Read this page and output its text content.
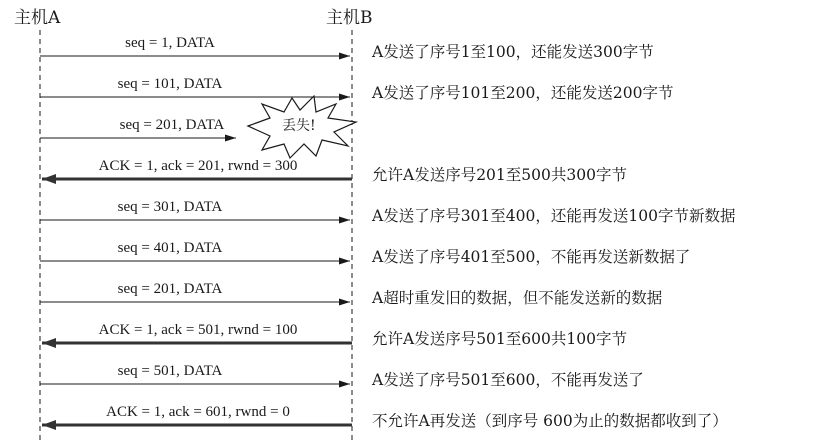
主机A	主机B
丢失!
seq = 1, DATA
seq = 101, DATA
seq = 201, DATA
ACK = 1, ack = 201, rwnd = 300
seq = 301, DATA
seq = 401, DATA
seq = 201, DATA
ACK = 1, ack = 501, rwnd = 100
seq = 501, DATA
ACK = 1, ack = 601, rwnd = 0
A发送了序号1至100，还能发送300字节
A发送了序号101至200，还能发送200字节
允许A发送序号201至500共300字节
A发送了序号301至400，还能再发送100字节新数据
A发送了序号401至500，不能再发送新数据了
A超时重发旧的数据，但不能发送新的数据
允许A发送序号501至600共100字节
A发送了序号501至600，不能再发送了
不允许A再发送（到序号 600为止的数据都收到了）
